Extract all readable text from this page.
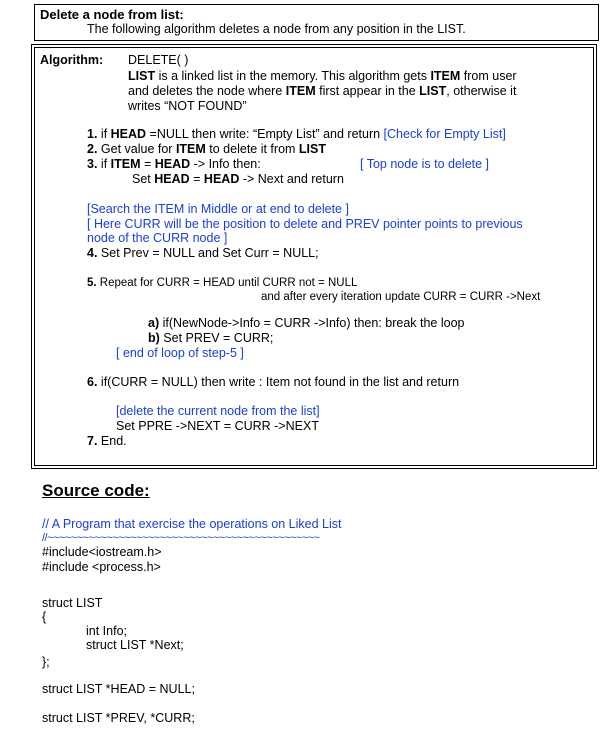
Delete a node from list:
The following algorithm deletes a node from any position in the LIST.
Algorithm: DELETE( )
LIST is a linked list in the memory. This algorithm gets ITEM from user
and deletes the node where ITEM first appear in the LIST, otherwise it
writes “NOT FOUND”
1. if HEAD =NULL then write: “Empty List” and return [Check for Empty List]
2. Get value for ITEM to delete it from LIST
3. if ITEM = HEAD -> Info then:	[ Top node is to delete ]
Set HEAD = HEAD -> Next and return
[Search the ITEM in Middle or at end to delete ]
[ Here CURR will be the position to delete and PREV pointer points to previous
node of the CURR node ]
4. Set Prev = NULL and Set Curr = NULL;
5. Repeat for CURR = HEAD until CURR not = NULL
and after every iteration update CURR = CURR ->Next
a) if(NewNode->Info = CURR ->Info) then: break the loop
b) Set PREV = CURR;
[ end of loop of step-5 ]
6. if(CURR = NULL) then write : Item not found in the list and return
[delete the current node from the list]
Set PPRE ->NEXT = CURR ->NEXT
7. End.
Source code:
// A Program that exercise the operations on Liked List
//~~~~~~~~~~~~~~~~~~~~~~~~~~~~~~~~~~~~~~~~~~~~~~
#include<iostream.h>
#include <process.h>
struct LIST
{
int Info;
struct LIST *Next;
};
struct LIST *HEAD = NULL;
struct LIST *PREV, *CURR;
